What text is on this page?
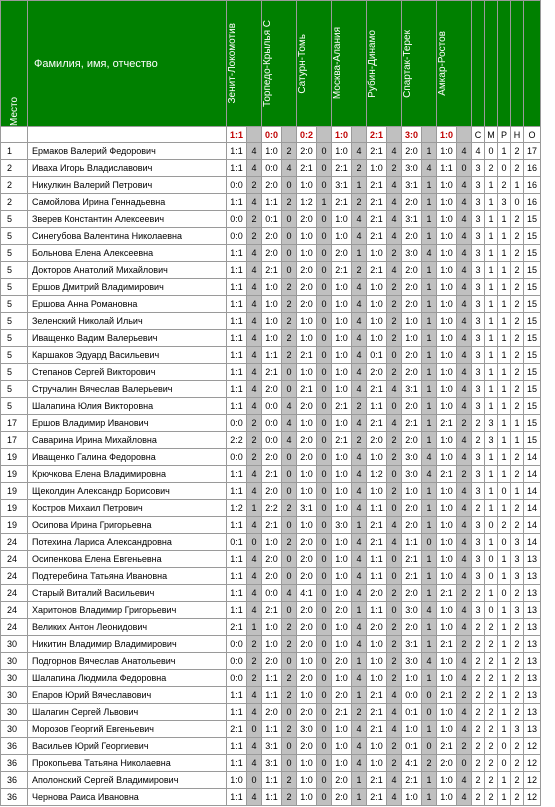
Место	Фамилия, имя, отчество	Зенит-Локомотив		Торпедо-Крылья С		Сатурн-Томь		Москва-Алания		Рубин-Динамо		Спартак-Терек		Амкар-Ростов						

		1:1		0:0		0:2		1:0		2:1		3:0		1:0		С	М	Р	Н	О
1	Ермаков Валерий Федорович	1:1	4	1:0	2	2:0	0	1:0	4	2:1	4	2:0	1	1:0	4	4	0	1	2	17
2	Иваха Игорь Владиславович	1:1	4	0:0	4	2:1	0	2:1	2	1:0	2	3:0	4	1:1	0	3	2	0	2	16
2	Никулкин Валерий Петрович	0:0	2	2:0	0	1:0	0	3:1	1	2:1	4	3:1	1	1:0	4	3	1	2	1	16
2	Самойлова Ирина Геннадьевна	1:1	4	1:1	2	1:2	1	2:1	2	2:1	4	2:0	1	1:0	4	3	1	3	0	16
5	Зверев Константин Алексеевич	0:0	2	0:1	0	2:0	0	1:0	4	2:1	4	3:1	1	1:0	4	3	1	1	2	15
5	Синегубова Валентина Николаевна	0:0	2	2:0	0	1:0	0	1:0	4	2:1	4	2:0	1	1:0	4	3	1	1	2	15
5	Больнова Елена Алексеевна	1:1	4	2:0	0	1:0	0	2:0	1	1:0	2	3:0	4	1:0	4	3	1	1	2	15
5	Докторов Анатолий Михайлович	1:1	4	2:1	0	2:0	0	2:1	2	2:1	4	2:0	1	1:0	4	3	1	1	2	15
5	Ершов Дмитрий Владимирович	1:1	4	1:0	2	2:0	0	1:0	4	1:0	2	2:0	1	1:0	4	3	1	1	2	15
5	Ершова Анна Романовна	1:1	4	1:0	2	2:0	0	1:0	4	1:0	2	2:0	1	1:0	4	3	1	1	2	15
5	Зеленский Николай Ильич	1:1	4	1:0	2	1:0	0	1:0	4	1:0	2	1:0	1	1:0	4	3	1	1	2	15
5	Иващенко Вадим Валерьевич	1:1	4	1:0	2	1:0	0	1:0	4	1:0	2	1:0	1	1:0	4	3	1	1	2	15
5	Каршаков Эдуард Васильевич	1:1	4	1:1	2	2:1	0	1:0	4	0:1	0	2:0	1	1:0	4	3	1	1	2	15
5	Степанов Сергей Викторович	1:1	4	2:1	0	1:0	0	1:0	4	2:0	2	2:0	1	1:0	4	3	1	1	2	15
5	Стручалин Вячеслав Валерьевич	1:1	4	2:0	0	2:1	0	1:0	4	2:1	4	3:1	1	1:0	4	3	1	1	2	15
5	Шалапина Юлия Викторовна	1:1	4	0:0	4	2:0	0	2:1	2	1:1	0	2:0	1	1:0	4	3	1	1	2	15
17	Ершов Владимир Иванович	0:0	2	0:0	4	1:0	0	1:0	4	2:1	4	2:1	1	2:1	2	2	3	1	1	15
17	Саварина Ирина Михайловна	2:2	2	0:0	4	2:0	0	2:1	2	2:0	2	2:0	1	1:0	4	2	3	1	1	15
19	Иващенко Галина Федоровна	0:0	2	2:0	0	2:0	0	1:0	4	1:0	2	3:0	4	1:0	4	3	1	1	2	14
19	Крючкова Елена Владимировна	1:1	4	2:1	0	1:0	0	1:0	4	1:2	0	3:0	4	2:1	2	3	1	1	2	14
19	Щеколдин Александр Борисович	1:1	4	2:0	0	1:0	0	1:0	4	1:0	2	1:0	1	1:0	4	3	1	0	1	14
19	Костров Михаил Петрович	1:2	1	2:2	2	3:1	0	1:0	4	1:1	0	2:0	1	1:0	4	2	1	1	2	14
19	Осипова Ирина Григорьевна	1:1	4	2:1	0	1:0	0	3:0	1	2:1	4	2:0	1	1:0	4	3	0	2	2	14
24	Потехина Лариса Александровна	0:1	0	1:0	2	2:0	0	1:0	4	2:1	4	1:1	0	1:0	4	3	1	0	3	14
24	Осипенкова Елена Евгеньевна	1:1	4	2:0	0	2:0	0	1:0	4	1:1	0	2:1	1	1:0	4	3	0	1	3	13
24	Подтеребина Татьяна Ивановна	1:1	4	2:0	0	2:0	0	1:0	4	1:1	0	2:1	1	1:0	4	3	0	1	3	13
24	Старый Виталий Васильевич	1:1	4	0:0	4	4:1	0	1:0	4	2:0	2	2:0	1	2:1	2	2	1	0	2	13
24	Харитонов Владимир Григорьевич	1:1	4	2:1	0	2:0	0	2:0	1	1:1	0	3:0	4	1:0	4	3	0	1	3	13
24	Великих Антон Леонидович	2:1	1	1:0	2	2:0	0	1:0	4	2:0	2	2:0	1	1:0	4	2	2	1	2	13
30	Никитин Владимир Владимирович	0:0	2	1:0	2	2:0	0	1:0	4	1:0	2	3:1	1	2:1	2	2	2	1	2	13
30	Подгорнов Вячеслав Анатольевич	0:0	2	2:0	0	1:0	0	2:0	1	1:0	2	3:0	4	1:0	4	2	2	1	2	13
30	Шалапина Людмила Федоровна	0:0	2	1:1	2	2:0	0	1:0	4	1:0	2	1:0	1	1:0	4	2	2	1	2	13
30	Епаров Юрий Вячеславович	1:1	4	1:1	2	1:0	0	2:0	1	2:1	4	0:0	0	2:1	2	2	2	1	2	13
30	Шалагин Сергей Львович	1:1	4	2:0	0	2:0	0	2:1	2	2:1	4	0:1	0	1:0	4	2	2	1	2	13
30	Морозов Георгий Евгеньевич	2:1	0	1:1	2	3:0	0	1:0	4	2:1	4	1:0	1	1:0	4	2	2	1	3	13
36	Васильев Юрий Георгиевич	1:1	4	3:1	0	2:0	0	1:0	4	1:0	2	0:1	0	2:1	2	2	2	0	2	12
36	Прокопьева Татьяна Николаевна	1:1	4	3:1	0	1:0	0	1:0	4	1:0	2	4:1	2	2:0	0	2	2	0	2	12
36	Аполонский Сергей Владимирович	1:0	0	1:1	2	1:0	0	2:0	1	2:1	4	2:1	1	1:0	4	2	2	1	2	12
36	Чернова Раиса Ивановна	1:1	4	1:1	2	1:0	0	2:0	1	2:1	4	1:0	1	1:0	4	2	2	1	2	12
